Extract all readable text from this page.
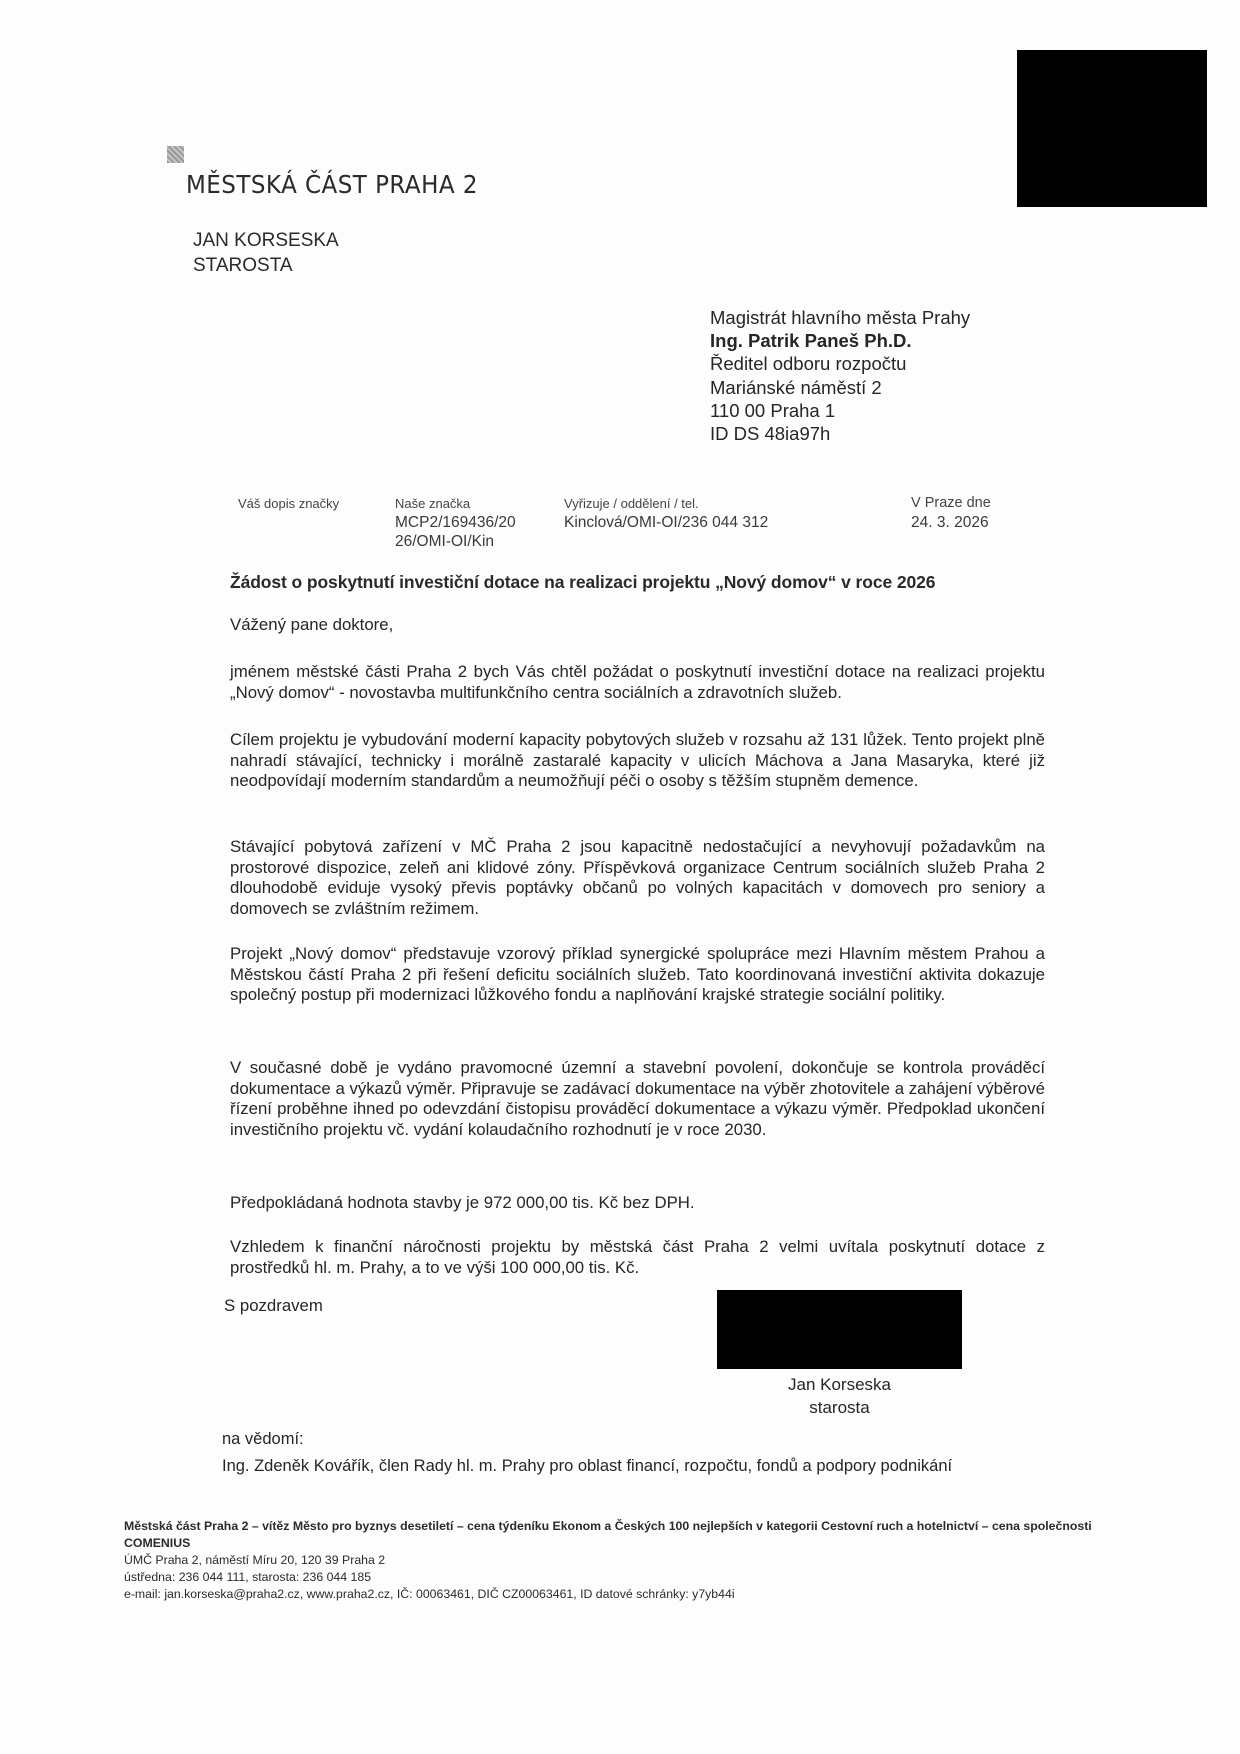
MĚSTSKÁ ČÁST PRAHA 2
JAN KORSESKA
STAROSTA
Magistrát hlavního města Prahy
Ing. Patrik Paneš Ph.D.
Ředitel odboru rozpočtu
Mariánské náměstí 2
110 00 Praha 1
ID DS 48ia97h
Váš dopis značky	Naše značka
MCP2/169436/20
26/OMI-OI/Kin
Vyřizuje / oddělení / tel.
Kinclová/OMI-OI/236 044 312
V Praze dne
24. 3. 2026
Žádost o poskytnutí investiční dotace na realizaci projektu „Nový domov“ v roce 2026
Vážený pane doktore,
jménem městské části Praha 2 bych Vás chtěl požádat o poskytnutí investiční dotace na realizaci projektu „Nový domov“ - novostavba multifunkčního centra sociálních a zdravotních služeb.
Cílem projektu je vybudování moderní kapacity pobytových služeb v rozsahu až 131 lůžek. Tento projekt plně nahradí stávající, technicky i morálně zastaralé kapacity v ulicích Máchova a Jana Masaryka, které již neodpovídají moderním standardům a neumožňují péči o osoby s těžším stupněm demence.
Stávající pobytová zařízení v MČ Praha 2 jsou kapacitně nedostačující a nevyhovují požadavkům na prostorové dispozice, zeleň ani klidové zóny. Příspěvková organizace Centrum sociálních služeb Praha 2 dlouhodobě eviduje vysoký převis poptávky občanů po volných kapacitách v domovech pro seniory a domovech se zvláštním režimem.
Projekt „Nový domov“ představuje vzorový příklad synergické spolupráce mezi Hlavním městem Prahou a Městskou částí Praha 2 při řešení deficitu sociálních služeb. Tato koordinovaná investiční aktivita dokazuje společný postup při modernizaci lůžkového fondu a naplňování krajské strategie sociální politiky.
V současné době je vydáno pravomocné územní a stavební povolení, dokončuje se kontrola prováděcí dokumentace a výkazů výměr. Připravuje se zadávací dokumentace na výběr zhotovitele a zahájení výběrové řízení proběhne ihned po odevzdání čistopisu prováděcí dokumentace a výkazu výměr. Předpoklad ukončení investičního projektu vč. vydání kolaudačního rozhodnutí je v roce 2030.
Předpokládaná hodnota stavby je 972 000,00 tis. Kč bez DPH.
Vzhledem k finanční náročnosti projektu by městská část Praha 2 velmi uvítala poskytnutí dotace z prostředků hl. m. Prahy, a to ve výši 100 000,00 tis. Kč.
S pozdravem
Jan Korseska
starosta
na vědomí:
Ing. Zdeněk Kovářík, člen Rady hl. m. Prahy pro oblast financí, rozpočtu, fondů a podpory podnikání
Městská část Praha 2 – vítěz Město pro byznys desetiletí – cena týdeníku Ekonom a Českých 100 nejlepších v kategorii Cestovní ruch a hotelnictví – cena společnosti COMENIUS
ÚMČ Praha 2, náměstí Míru 20, 120 39 Praha 2
ústředna: 236 044 111, starosta: 236 044 185
e-mail: jan.korseska@praha2.cz, www.praha2.cz, IČ: 00063461, DIČ CZ00063461, ID datové schránky: y7yb44i
